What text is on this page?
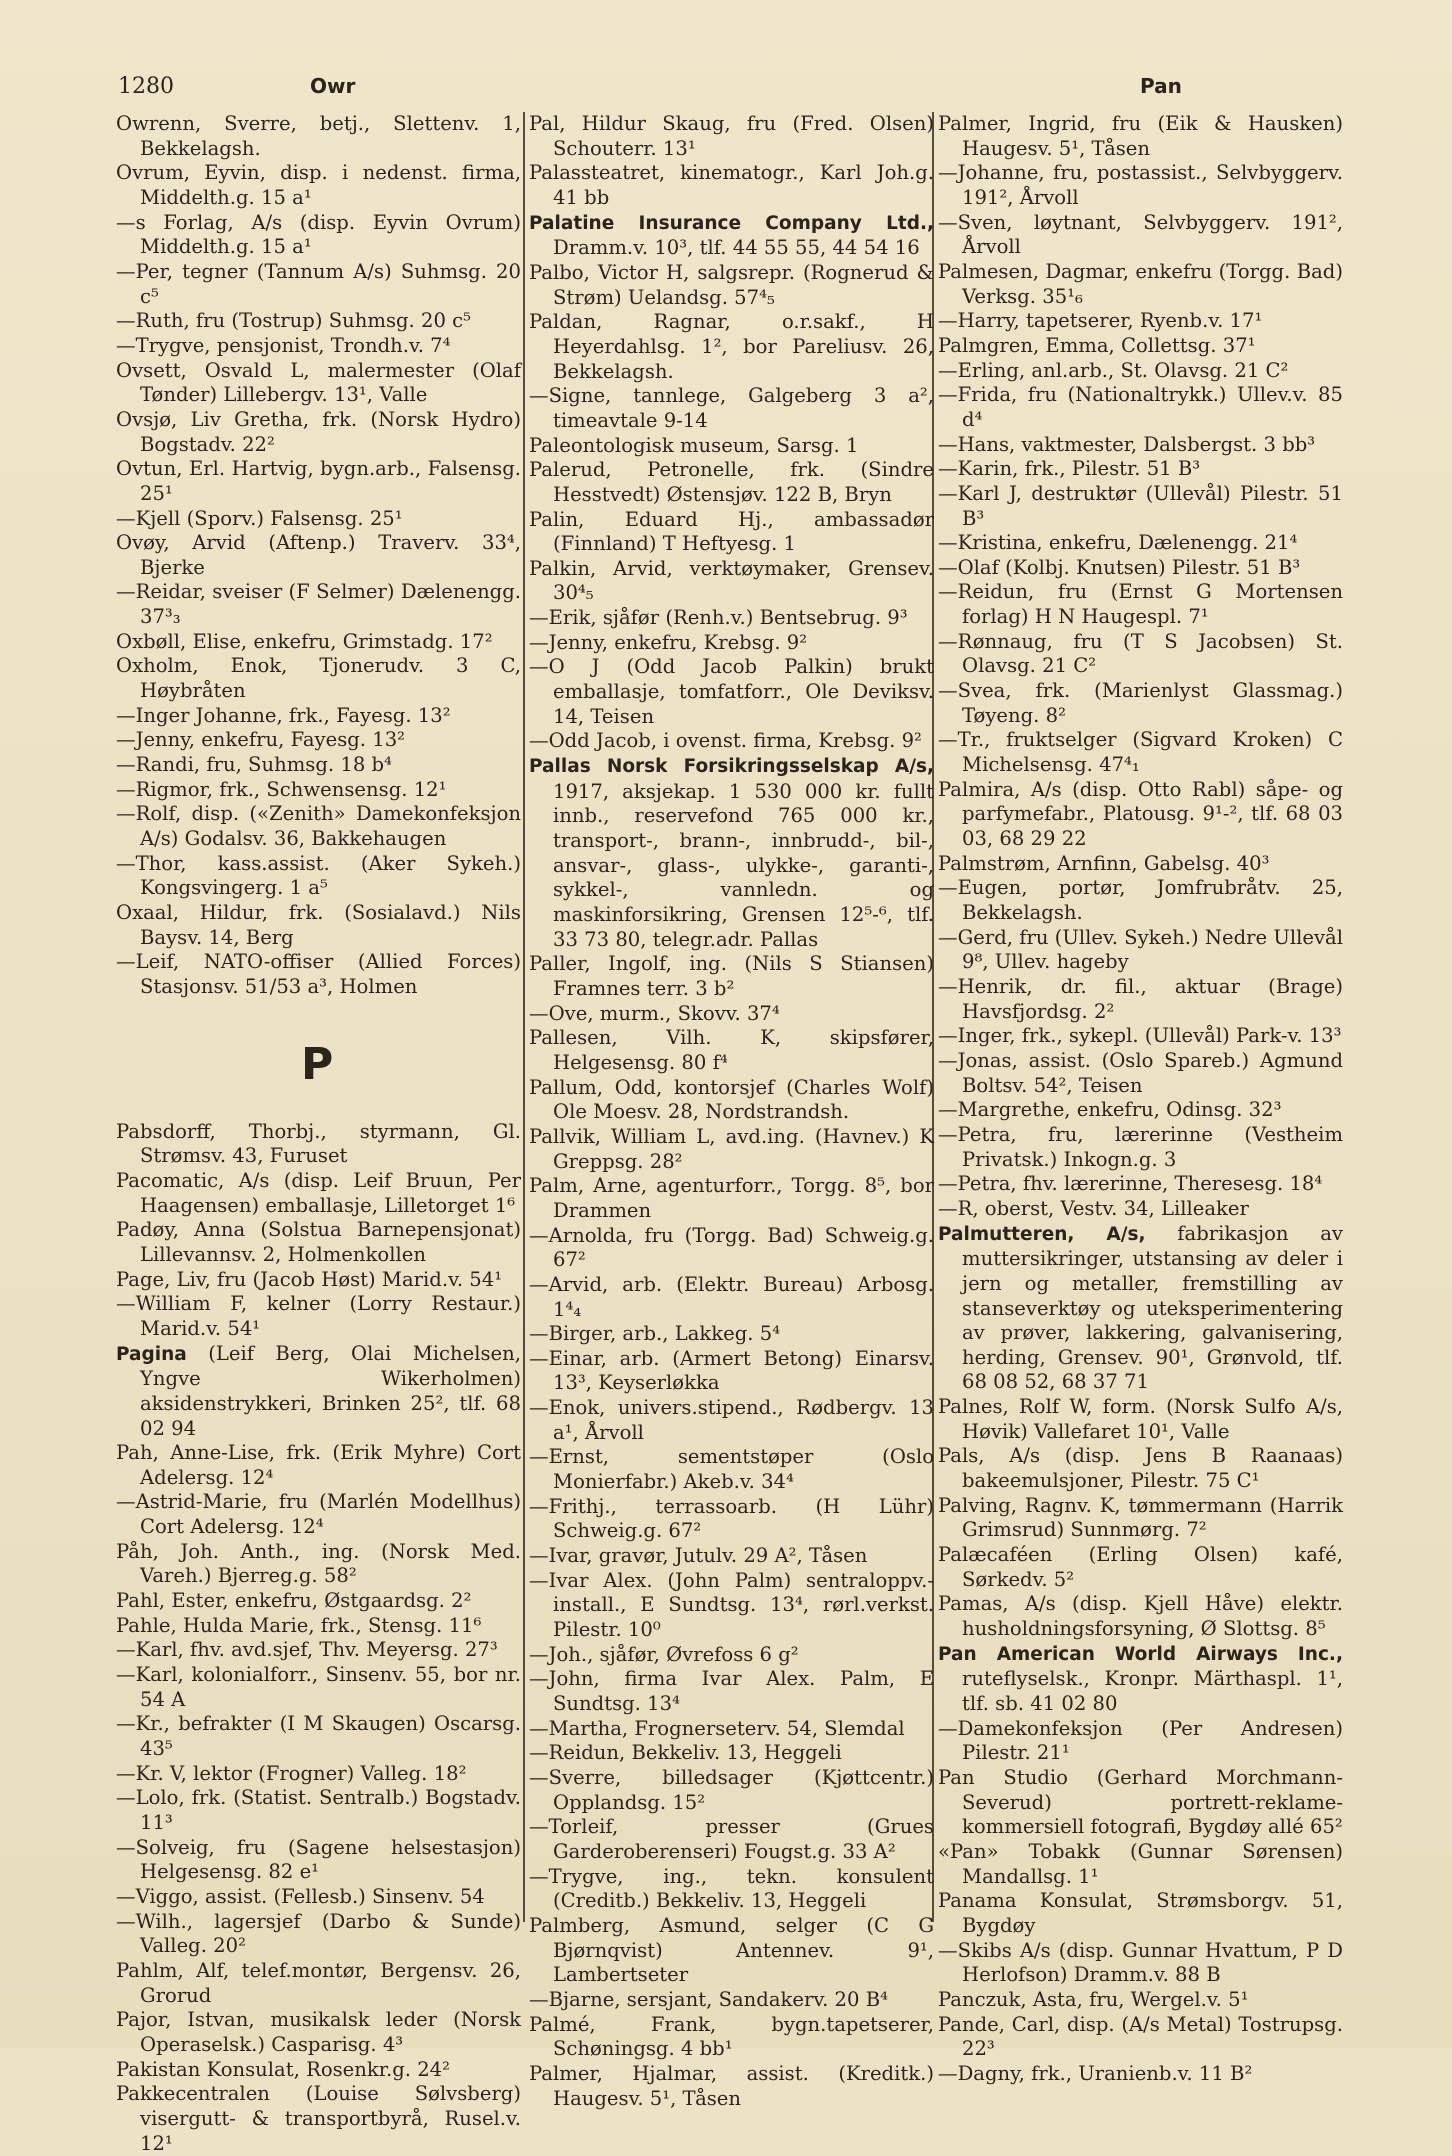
1280	Owr	Pan

Owrenn, Sverre, betj., Slettenv. 1, Bekkelagsh.

Ovrum, Eyvin, disp. i nedenst. firma, Middelth.g. 15 a¹

—s Forlag, A/s (disp. Eyvin Ovrum) Middelth.g. 15 a¹

—Per, tegner (Tannum A/s) Suhmsg. 20 c⁵

—Ruth, fru (Tostrup) Suhmsg. 20 c⁵

—Trygve, pensjonist, Trondh.v. 7⁴

Ovsett, Osvald L, malermester (Olaf Tønder) Lillebergv. 13¹, Valle

Ovsjø, Liv Gretha, frk. (Norsk Hydro) Bogstadv. 22²

Ovtun, Erl. Hartvig, bygn.arb., Falsensg. 25¹

—Kjell (Sporv.) Falsensg. 25¹

Ovøy, Arvid (Aftenp.) Traverv. 33⁴, Bjerke

—Reidar, sveiser (F Selmer) Dælenengg. 37³₃

Oxbøll, Elise, enkefru, Grimstadg. 17²

Oxholm, Enok, Tjonerudv. 3 C, Høybråten

—Inger Johanne, frk., Fayesg. 13²

—Jenny, enkefru, Fayesg. 13²

—Randi, fru, Suhmsg. 18 b⁴

—Rigmor, frk., Schwensensg. 12¹

—Rolf, disp. («Zenith» Damekonfeksjon A/s) Godalsv. 36, Bakkehaugen

—Thor, kass.assist. (Aker Sykeh.) Kongsvingerg. 1 a⁵

Oxaal, Hildur, frk. (Sosialavd.) Nils Baysv. 14, Berg

—Leif, NATO-offiser (Allied Forces) Stasjonsv. 51/53 a³, Holmen

P

Pabsdorff, Thorbj., styrmann, Gl. Strømsv. 43, Furuset

Pacomatic, A/s (disp. Leif Bruun, Per Haagensen) emballasje, Lilletorget 1⁶

Padøy, Anna (Solstua Barnepensjonat) Lillevannsv. 2, Holmenkollen

Page, Liv, fru (Jacob Høst) Marid.v. 54¹

—William F, kelner (Lorry Restaur.) Marid.v. 54¹

Pagina (Leif Berg, Olai Michelsen, Yngve Wikerholmen) aksidenstrykkeri, Brinken 25², tlf. 68 02 94

Pah, Anne-Lise, frk. (Erik Myhre) Cort Adelersg. 12⁴

—Astrid-Marie, fru (Marlén Modellhus) Cort Adelersg. 12⁴

Påh, Joh. Anth., ing. (Norsk Med. Vareh.) Bjerreg.g. 58²

Pahl, Ester, enkefru, Østgaardsg. 2²

Pahle, Hulda Marie, frk., Stensg. 11⁶

—Karl, fhv. avd.sjef, Thv. Meyersg. 27³

—Karl, kolonialforr., Sinsenv. 55, bor nr. 54 A

—Kr., befrakter (I M Skaugen) Oscarsg. 43⁵

—Kr. V, lektor (Frogner) Valleg. 18²

—Lolo, frk. (Statist. Sentralb.) Bogstadv. 11³

—Solveig, fru (Sagene helsestasjon) Helgesensg. 82 e¹

—Viggo, assist. (Fellesb.) Sinsenv. 54

—Wilh., lagersjef (Darbo & Sunde) Valleg. 20²

Pahlm, Alf, telef.montør, Bergensv. 26, Grorud

Pajor, Istvan, musikalsk leder (Norsk Operaselsk.) Casparisg. 4³

Pakistan Konsulat, Rosenkr.g. 24²

Pakkecentralen (Louise Sølvsberg) visergutt- & transportbyrå, Rusel.v. 12¹

Pal, Hildur Skaug, fru (Fred. Olsen) Schouterr. 13¹

Palassteatret, kinematogr., Karl Joh.g. 41 bb

Palatine Insurance Company Ltd., Dramm.v. 10³, tlf. 44 55 55, 44 54 16

Palbo, Victor H, salgsrepr. (Rognerud & Strøm) Uelandsg. 57⁴₅

Paldan, Ragnar, o.r.sakf., H Heyerdahlsg. 1², bor Pareliusv. 26, Bekkelagsh.

—Signe, tannlege, Galgeberg 3 a², timeavtale 9-14

Paleontologisk museum, Sarsg. 1

Palerud, Petronelle, frk. (Sindre Hesstvedt) Østensjøv. 122 B, Bryn

Palin, Eduard Hj., ambassadør (Finnland) T Heftyesg. 1

Palkin, Arvid, verktøymaker, Grensev. 30⁴₅

—Erik, sjåfør (Renh.v.) Bentsebrug. 9³

—Jenny, enkefru, Krebsg. 9²

—O J (Odd Jacob Palkin) brukt emballasje, tomfatforr., Ole Deviksv. 14, Teisen

—Odd Jacob, i ovenst. firma, Krebsg. 9²

Pallas Norsk Forsikringsselskap A/s, 1917, aksjekap. 1 530 000 kr. fullt innb., reservefond 765 000 kr., transport-, brann-, innbrudd-, bil-, ansvar-, glass-, ulykke-, garanti-, sykkel-, vannledn. og maskinforsikring, Grensen 12⁵-⁶, tlf. 33 73 80, telegr.adr. Pallas

Paller, Ingolf, ing. (Nils S Stiansen) Framnes terr. 3 b²

—Ove, murm., Skovv. 37⁴

Pallesen, Vilh. K, skipsfører, Helgesensg. 80 f⁴

Pallum, Odd, kontorsjef (Charles Wolf) Ole Moesv. 28, Nordstrandsh.

Pallvik, William L, avd.ing. (Havnev.) K Greppsg. 28²

Palm, Arne, agenturforr., Torgg. 8⁵, bor Drammen

—Arnolda, fru (Torgg. Bad) Schweig.g. 67²

—Arvid, arb. (Elektr. Bureau) Arbosg. 1⁴₄

—Birger, arb., Lakkeg. 5⁴

—Einar, arb. (Armert Betong) Einarsv. 13³, Keyserløkka

—Enok, univers.stipend., Rødbergv. 13 a¹, Årvoll

—Ernst, sementstøper (Oslo Monierfabr.) Akeb.v. 34⁴

—Frithj., terrassoarb. (H Lühr) Schweig.g. 67²

—Ivar, gravør, Jutulv. 29 A², Tåsen

—Ivar Alex. (John Palm) sentraloppv.-install., E Sundtsg. 13⁴, rørl.verkst. Pilestr. 10⁰

—Joh., sjåfør, Øvrefoss 6 g²

—John, firma Ivar Alex. Palm, E Sundtsg. 13⁴

—Martha, Frognerseterv. 54, Slemdal

—Reidun, Bekkeliv. 13, Heggeli

—Sverre, billedsager (Kjøttcentr.) Opplandsg. 15²

—Torleif, presser (Grues Garderoberenseri) Fougst.g. 33 A²

—Trygve, ing., tekn. konsulent (Creditb.) Bekkeliv. 13, Heggeli

Palmberg, Asmund, selger (C G Bjørnqvist) Antennev. 9¹, Lambertseter

—Bjarne, sersjant, Sandakerv. 20 B⁴

Palmé, Frank, bygn.tapetserer, Schøningsg. 4 bb¹

Palmer, Hjalmar, assist. (Kreditk.) Haugesv. 5¹, Tåsen

Palmer, Ingrid, fru (Eik & Hausken) Haugesv. 5¹, Tåsen

—Johanne, fru, postassist., Selvbyggerv. 191², Årvoll

—Sven, løytnant, Selvbyggerv. 191², Årvoll

Palmesen, Dagmar, enkefru (Torgg. Bad) Verksg. 35¹₆

—Harry, tapetserer, Ryenb.v. 17¹

Palmgren, Emma, Collettsg. 37¹

—Erling, anl.arb., St. Olavsg. 21 C²

—Frida, fru (Nationaltrykk.) Ullev.v. 85 d⁴

—Hans, vaktmester, Dalsbergst. 3 bb³

—Karin, frk., Pilestr. 51 B³

—Karl J, destruktør (Ullevål) Pilestr. 51 B³

—Kristina, enkefru, Dælenengg. 21⁴

—Olaf (Kolbj. Knutsen) Pilestr. 51 B³

—Reidun, fru (Ernst G Mortensen forlag) H N Haugespl. 7¹

—Rønnaug, fru (T S Jacobsen) St. Olavsg. 21 C²

—Svea, frk. (Marienlyst Glassmag.) Tøyeng. 8²

—Tr., fruktselger (Sigvard Kroken) C Michelsensg. 47⁴₁

Palmira, A/s (disp. Otto Rabl) såpe- og parfymefabr., Platousg. 9¹-², tlf. 68 03 03, 68 29 22

Palmstrøm, Arnfinn, Gabelsg. 40³

—Eugen, portør, Jomfrubråtv. 25, Bekkelagsh.

—Gerd, fru (Ullev. Sykeh.) Nedre Ullevål 9⁸, Ullev. hageby

—Henrik, dr. fil., aktuar (Brage) Havsfjordsg. 2²

—Inger, frk., sykepl. (Ullevål) Park-v. 13³

—Jonas, assist. (Oslo Spareb.) Agmund Boltsv. 54², Teisen

—Margrethe, enkefru, Odinsg. 32³

—Petra, fru, lærerinne (Vestheim Privatsk.) Inkogn.g. 3

—Petra, fhv. lærerinne, Theresesg. 18⁴

—R, oberst, Vestv. 34, Lilleaker

Palmutteren, A/s, fabrikasjon av muttersikringer, utstansing av deler i jern og metaller, fremstilling av stanseverktøy og uteksperimentering av prøver, lakkering, galvanisering, herding, Grensev. 90¹, Grønvold, tlf. 68 08 52, 68 37 71

Palnes, Rolf W, form. (Norsk Sulfo A/s, Høvik) Vallefaret 10¹, Valle

Pals, A/s (disp. Jens B Raanaas) bakeemulsjoner, Pilestr. 75 C¹

Palving, Ragnv. K, tømmermann (Harrik Grimsrud) Sunnmørg. 7²

Palæcaféen (Erling Olsen) kafé, Sørkedv. 5²

Pamas, A/s (disp. Kjell Håve) elektr. husholdningsforsyning, Ø Slottsg. 8⁵

Pan American World Airways Inc., ruteflyselsk., Kronpr. Märthaspl. 1¹, tlf. sb. 41 02 80

—Damekonfeksjon (Per Andresen) Pilestr. 21¹

Pan Studio (Gerhard Morchmann-Severud) portrett-reklame-kommersiell fotografi, Bygdøy allé 65²

«Pan» Tobakk (Gunnar Sørensen) Mandallsg. 1¹

Panama Konsulat, Strømsborgv. 51, Bygdøy

—Skibs A/s (disp. Gunnar Hvattum, P D Herlofson) Dramm.v. 88 B

Panczuk, Asta, fru, Wergel.v. 5¹

Pande, Carl, disp. (A/s Metal) Tostrupsg. 22³

—Dagny, frk., Uranienb.v. 11 B²
